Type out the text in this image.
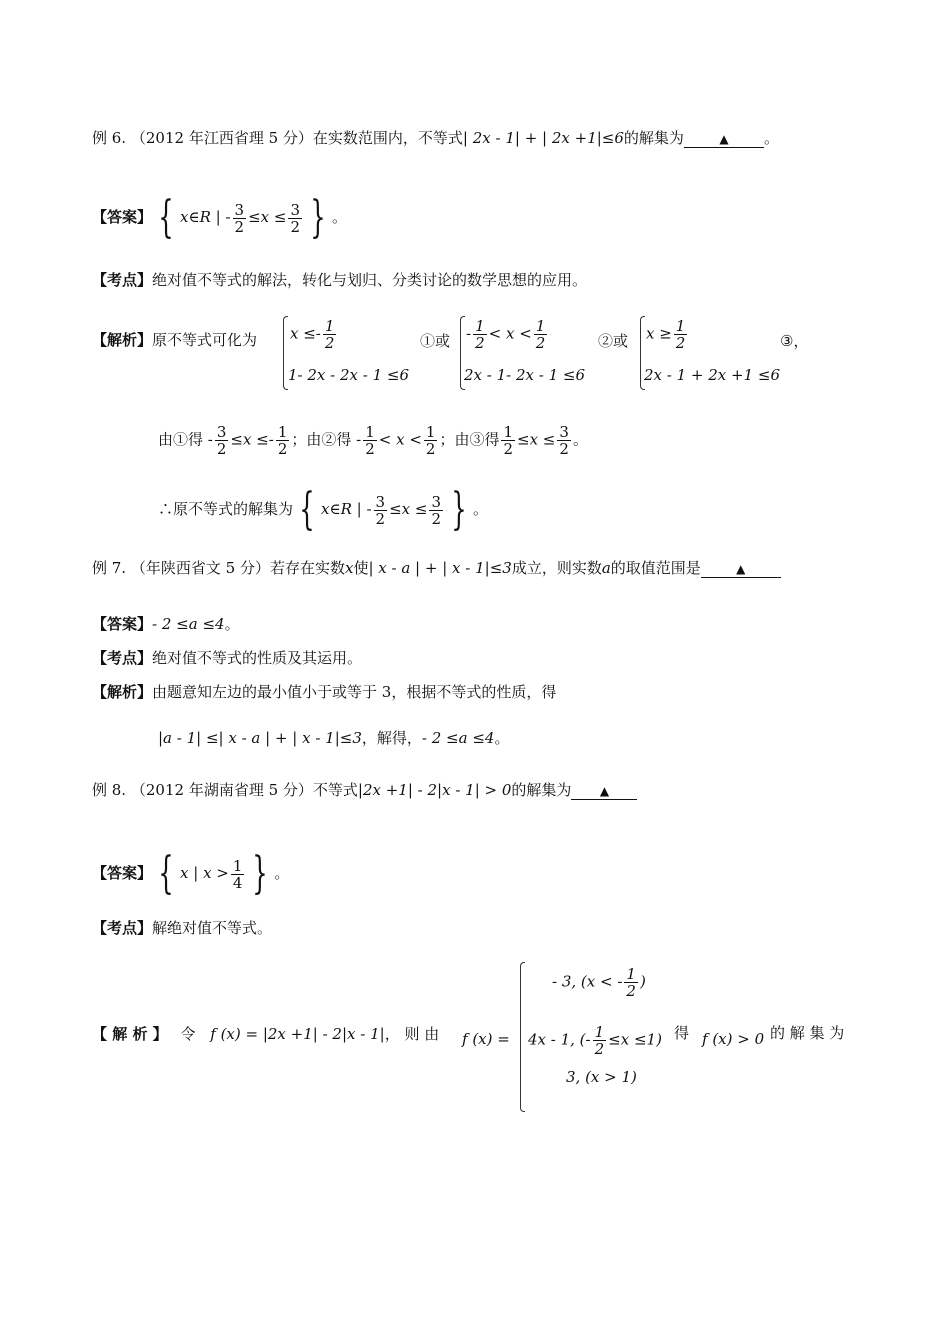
例 6. （2012 年江西省理 5 分）在实数范围内，不等式| 2x - 1| + | 2x +1|≤6的解集为	▲ 。
【答案】 { x∈R | - $\frac{3}{2} \le x \le \frac{3}{2}$ } 。
【考点】绝对值不等式的解法，转化与划归、分类讨论的数学思想的应用。
【解析】原不等式可化为 $x \le- \frac{1}{2}$
1- 2x - 2x - 1 ≤6
①或 - $\frac{1}{2} < x < \frac{1}{2}$
2x - 1- 2x - 1 ≤6
②或 $x \ge \frac{1}{2}$
2x - 1 + 2x +1 ≤6
③，
由①得 - $\frac{3}{2} \le x \le- \frac{1}{2}$ ；由②得 - $\frac{1}{2} < x < \frac{1}{2}$ ；由③得 $\frac{1}{2} \le x \le \frac{3}{2}$ 。
∴原不等式的解集为 { x∈R | - $\frac{3}{2} \le x \le \frac{3}{2}$ } 。
例 7. （年陕西省文 5 分）若存在实数x使| x - a | + | x - 1|≤3成立，则实数a的取值范围是	▲
【答案】- 2 ≤a ≤4。
【考点】绝对值不等式的性质及其运用。
【解析】由题意知左边的最小值小于或等于 3，根据不等式的性质，得
|a - 1| ≤| x - a | + | x - 1|≤3，解得，- 2 ≤a ≤4。
例 8. （2012 年湖南省理 5 分）不等式|2x +1| - 2|x - 1| > 0的解集为 ▲
【答案】 { x | $x > \frac{1}{4}$ } 。
【考点】解绝对值不等式。
【 解 析 】 令 f (x) = |2x +1| - 2|x - 1|， 则 由 f (x) =
- 3, (x < - $\frac{1}{2}$ )
4x - 1, (- $\frac{1}{2} \le x \le 1$)
3, (x > 1)
得 f (x) > 0 的 解 集 为
